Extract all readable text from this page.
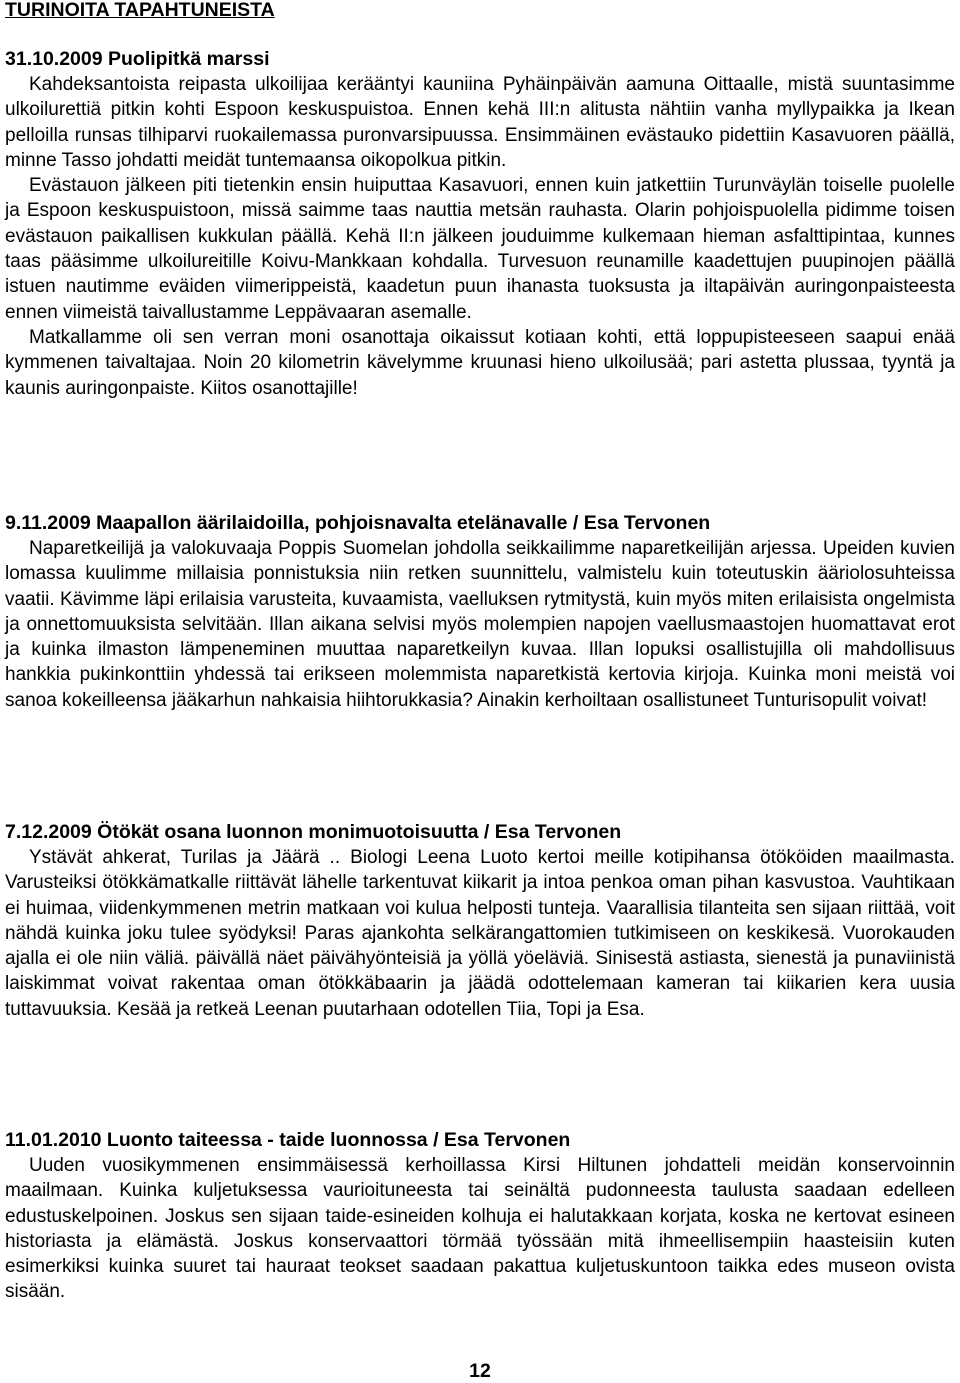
TURINOITA TAPAHTUNEISTA
31.10.2009 Puolipitkä marssi

Kahdeksantoista reipasta ulkoilijaa kerääntyi kauniina Pyhäinpäivän aamuna Oittaalle, mistä suuntasimme ulkoilurettiä pitkin kohti Espoon keskuspuistoa. Ennen kehä III:n alitusta nähtiin vanha myllypaikka ja Ikean pelloilla runsas tilhiparvi ruokailemassa puronvarsipuussa. Ensimmäinen evästauko pidettiin Kasavuoren päällä, minne Tasso johdatti meidät tuntemaansa oikopolkua pitkin.

Evästauon jälkeen piti tietenkin ensin huiputtaa Kasavuori, ennen kuin jatkettiin Turunväylän toiselle puolelle ja Espoon keskuspuistoon, missä saimme taas nauttia metsän rauhasta. Olarin pohjoispuolella pidimme toisen evästauon paikallisen kukkulan päällä. Kehä II:n jälkeen jouduimme kulkemaan hieman asfalttipintaa, kunnes taas pääsimme ulkoilureitille Koivu-Mankkaan kohdalla. Turvesuon reunamille kaadettujen puupinojen päällä istuen nautimme eväiden viimerippeistä, kaadetun puun ihanasta tuoksusta ja iltapäivän auringonpaisteesta ennen viimeistä taivallustamme Leppävaaran asemalle.

Matkallamme oli sen verran moni osanottaja oikaissut kotiaan kohti, että loppupisteeseen saapui enää kymmenen taivaltajaa. Noin 20 kilometrin kävelymme kruunasi hieno ulkoilusää; pari astetta plussaa, tyyntä ja kaunis auringonpaiste. Kiitos osanottajille!

9.11.2009 Maapallon äärilaidoilla, pohjoisnavalta etelänavalle / Esa Tervonen

Naparetkeilijä ja valokuvaaja Poppis Suomelan johdolla seikkailimme naparetkeilijän arjessa. Upeiden kuvien lomassa kuulimme millaisia ponnistuksia niin retken suunnittelu, valmistelu kuin toteutuskin ääriolosuhteissa vaatii. Kävimme läpi erilaisia varusteita, kuvaamista, vaelluksen rytmitystä, kuin myös miten erilaisista ongelmista ja onnettomuuksista selvitään. Illan aikana selvisi myös molempien napojen vaellusmaastojen huomattavat erot ja kuinka ilmaston lämpeneminen muuttaa naparetkeilyn kuvaa. Illan lopuksi osallistujilla oli mahdollisuus hankkia pukinkonttiin yhdessä tai erikseen molemmista naparetkistä kertovia kirjoja. Kuinka moni meistä voi sanoa kokeilleensa jääkarhun nahkaisia hiihtorukkasia? Ainakin kerhoiltaan osallistuneet Tunturisopulit voivat!

7.12.2009 Ötökät osana luonnon monimuotoisuutta / Esa Tervonen

Ystävät ahkerat, Turilas ja Jäärä .. Biologi Leena Luoto kertoi meille kotipihansa ötököiden maailmasta. Varusteiksi ötökkämatkalle riittävät lähelle tarkentuvat kiikarit ja intoa penkoa oman pihan kasvustoa. Vauhtikaan ei huimaa, viidenkymmenen metrin matkaan voi kulua helposti tunteja. Vaarallisia tilanteita sen sijaan riittää, voit nähdä kuinka joku tulee syödyksi! Paras ajankohta selkärangattomien tutkimiseen on keskikesä. Vuorokauden ajalla ei ole niin väliä. päivällä näet päivähyönteisiä ja yöllä yöeläviä. Sinisestä astiasta, sienestä ja punaviinistä laiskimmat voivat rakentaa oman ötökkäbaarin ja jäädä odottelemaan kameran tai kiikarien kera uusia tuttavuuksia. Kesää ja retkeä Leenan puutarhaan odotellen Tiia, Topi ja Esa.

11.01.2010 Luonto taiteessa - taide luonnossa / Esa Tervonen

Uuden vuosikymmenen ensimmäisessä kerhoillassa Kirsi Hiltunen johdatteli meidän konservoinnin maailmaan. Kuinka kuljetuksessa vaurioituneesta tai seinältä pudonneesta taulusta saadaan edelleen edustuskelpoinen. Joskus sen sijaan taide-esineiden kolhuja ei halutakkaan korjata, koska ne kertovat esineen historiasta ja elämästä. Joskus konservaattori törmää työssään mitä ihmeellisempiin haasteisiin kuten esimerkiksi kuinka suuret tai hauraat teokset saadaan pakattua kuljetuskuntoon taikka edes museon ovista sisään.

12
